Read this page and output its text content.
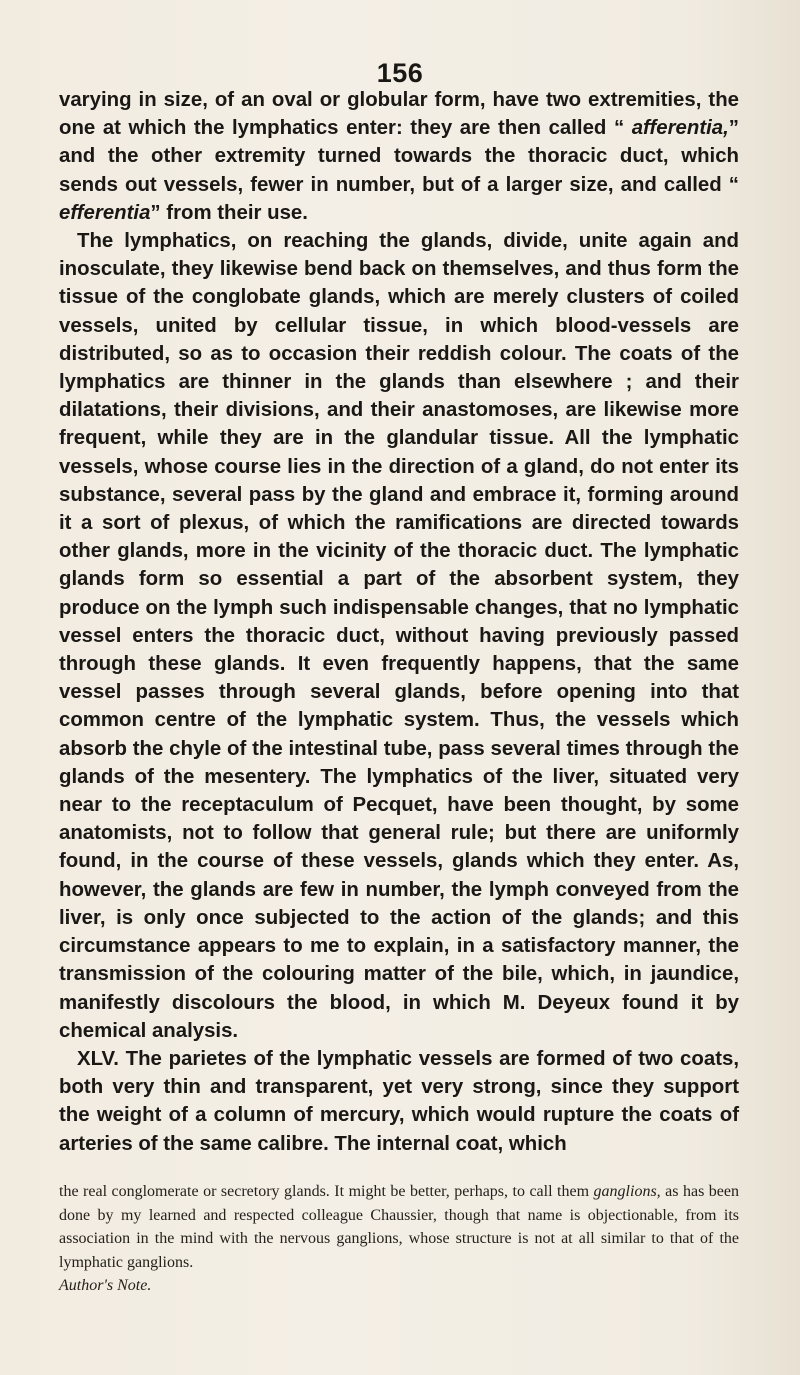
156

varying in size, of an oval or globular form, have two extremities, the one at which the lymphatics enter: they are then called “ afferentia,” and the other extremity turned towards the thoracic duct, which sends out vessels, fewer in number, but of a larger size, and called “ efferentia” from their use.

The lymphatics, on reaching the glands, divide, unite again and inosculate, they likewise bend back on themselves, and thus form the tissue of the conglobate glands, which are merely clusters of coiled vessels, united by cellular tissue, in which blood-vessels are distributed, so as to occasion their reddish colour. The coats of the lymphatics are thinner in the glands than elsewhere ; and their dilatations, their divisions, and their anastomoses, are likewise more frequent, while they are in the glandular tissue. All the lymphatic vessels, whose course lies in the direction of a gland, do not enter its substance, several pass by the gland and embrace it, forming around it a sort of plexus, of which the ramifications are directed towards other glands, more in the vicinity of the thoracic duct. The lymphatic glands form so essential a part of the absorbent system, they produce on the lymph such indispensable changes, that no lymphatic vessel enters the thoracic duct, without having previously passed through these glands. It even frequently happens, that the same vessel passes through several glands, before opening into that common centre of the lymphatic system. Thus, the vessels which absorb the chyle of the intestinal tube, pass several times through the glands of the mesentery. The lymphatics of the liver, situated very near to the receptaculum of Pecquet, have been thought, by some anatomists, not to follow that general rule; but there are uniformly found, in the course of these vessels, glands which they enter. As, however, the glands are few in number, the lymph conveyed from the liver, is only once subjected to the action of the glands; and this circumstance appears to me to explain, in a satisfactory manner, the transmission of the colouring matter of the bile, which, in jaundice, manifestly discolours the blood, in which M. Deyeux found it by chemical analysis.

XLV. The parietes of the lymphatic vessels are formed of two coats, both very thin and transparent, yet very strong, since they support the weight of a column of mercury, which would rupture the coats of arteries of the same calibre. The internal coat, which

the real conglomerate or secretory glands. It might be better, perhaps, to call them ganglions, as has been done by my learned and respected colleague Chaussier, though that name is objectionable, from its association in the mind with the nervous ganglions, whose structure is not at all similar to that of the lymphatic ganglions.

Author's Note.
